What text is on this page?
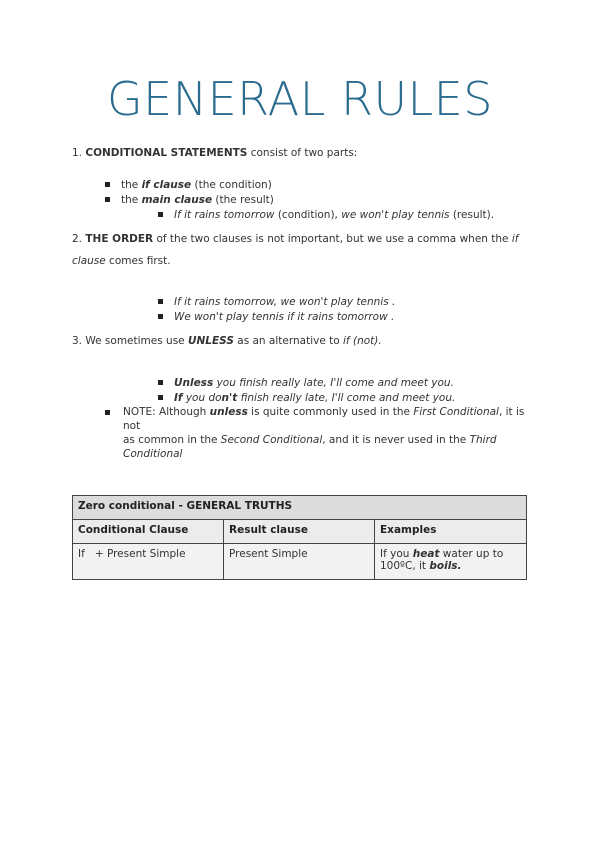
GENERAL RULES
1. CONDITIONAL STATEMENTS consist of two parts:
the if clause (the condition)
the main clause (the result)
If it rains tomorrow (condition), we won't play tennis (result).
2. THE ORDER of the two clauses is not important, but we use a comma when the if
clause comes first.
If it rains tomorrow, we won't play tennis .
We won't play tennis if it rains tomorrow .
3. We sometimes use UNLESS as an alternative to if (not).
Unless you finish really late, I'll come and meet you.
If you don't finish really late, I'll come and meet you.
NOTE: Although unless is quite commonly used in the First Conditional, it is not
as common in the Second Conditional, and it is never used in the Third
Conditional
Zero conditional - GENERAL TRUTHS		
Conditional Clause	Result clause	Examples
If + Present Simple	Present Simple	If you heat water up to
100ºC, it boils.
